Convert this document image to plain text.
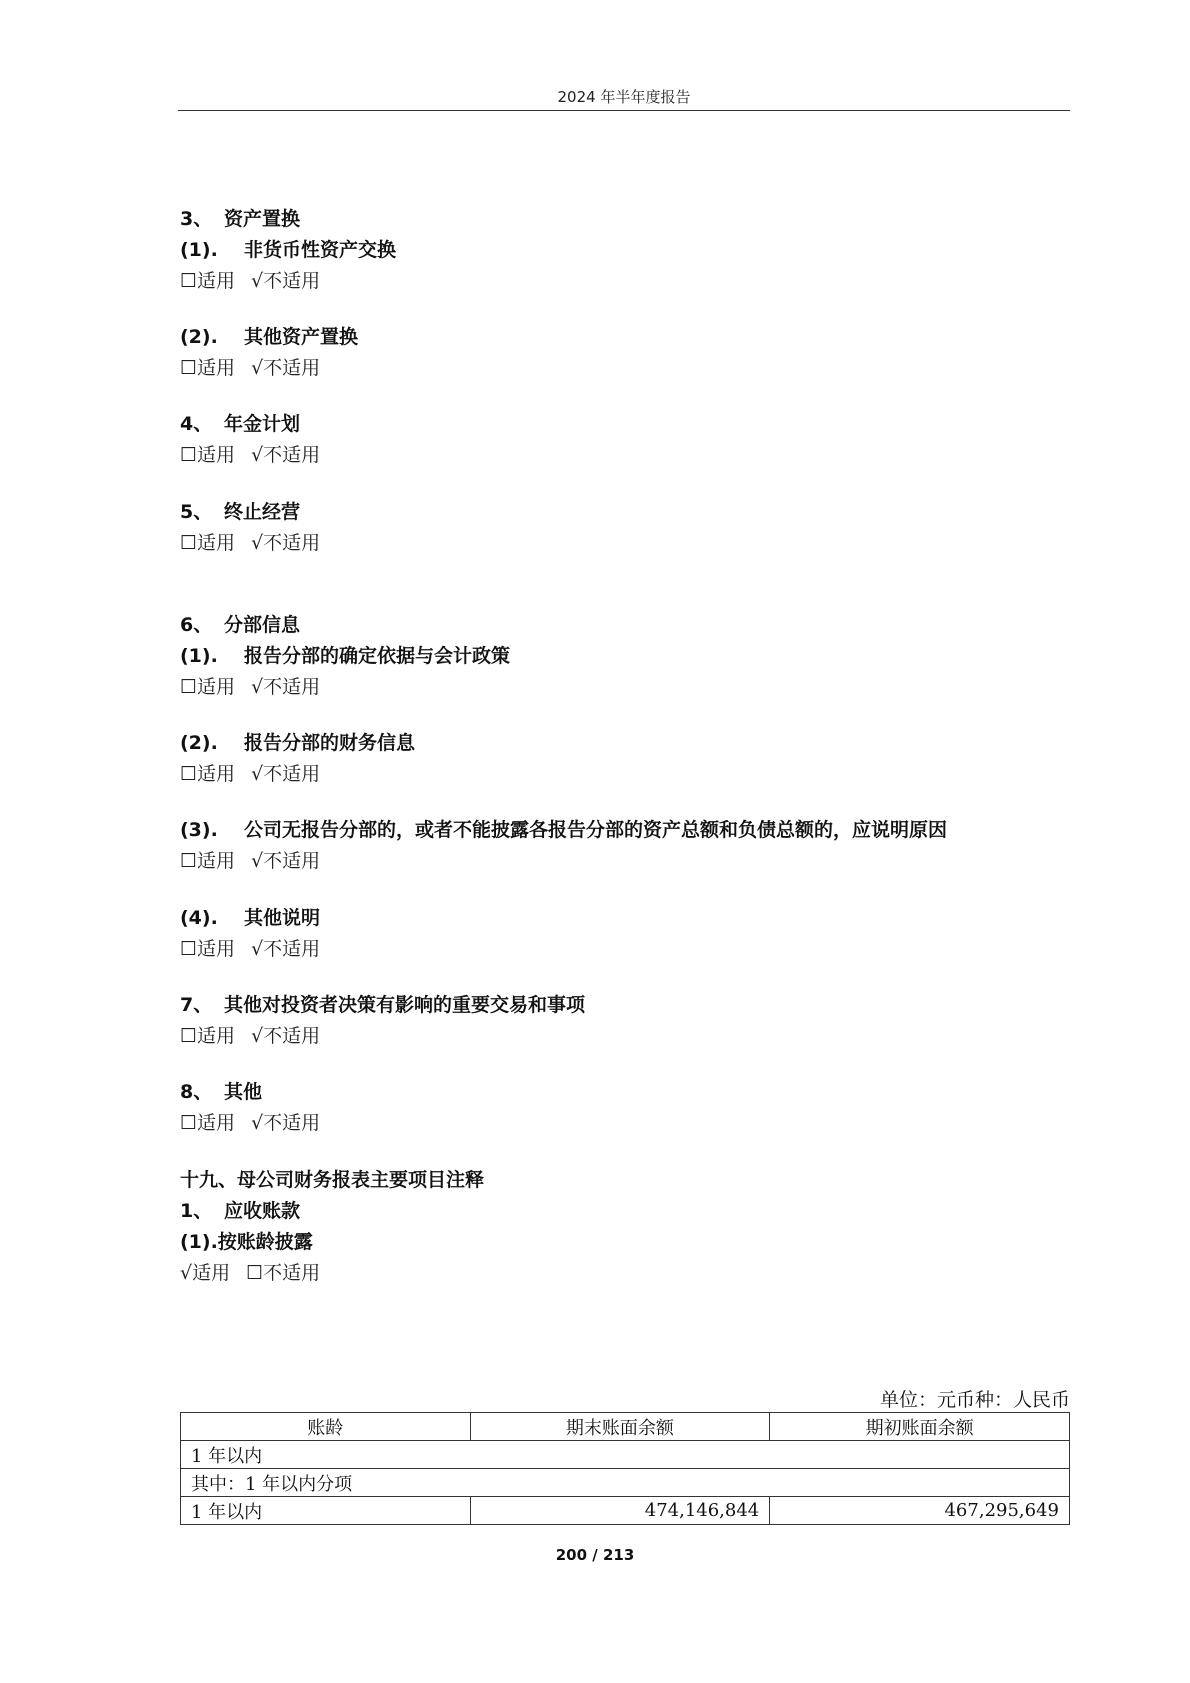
2024 年半年度报告
3、 资产置换
(1). 非货币性资产交换
☐适用 √不适用
(2). 其他资产置换
☐适用 √不适用
4、 年金计划
☐适用 √不适用
5、 终止经营
☐适用 √不适用
6、 分部信息
(1). 报告分部的确定依据与会计政策
☐适用 √不适用
(2). 报告分部的财务信息
☐适用 √不适用
(3). 公司无报告分部的，或者不能披露各报告分部的资产总额和负债总额的，应说明原因
☐适用 √不适用
(4). 其他说明
☐适用 √不适用
7、 其他对投资者决策有影响的重要交易和事项
☐适用 √不适用
8、 其他
☐适用 √不适用
十九、母公司财务报表主要项目注释
1、 应收账款
(1).按账龄披露
√适用 ☐不适用
单位：元币种：人民币
账龄	期末账面余额	期初账面余额
1 年以内		
其中：1 年以内分项		
1 年以内	474,146,844	467,295,649
200 / 213
